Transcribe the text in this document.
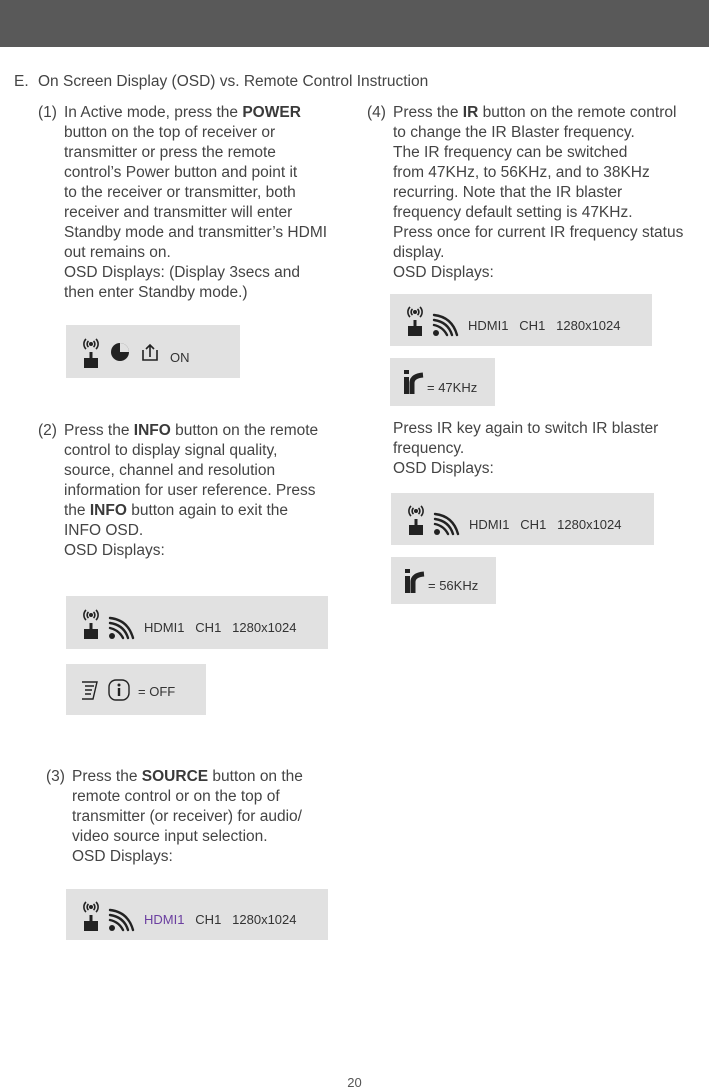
E. On Screen Display (OSD) vs. Remote Control Instruction
(1) In Active mode, press the POWER

button on the top of receiver or

transmitter or press the remote

control’s Power button and point it

to the receiver or transmitter, both

receiver and transmitter will enter

Standby mode and transmitter’s HDMI

out remains on.

OSD Displays: (Display 3secs and

then enter Standby mode.)

ON
(2) Press the INFO button on the remote

control to display signal quality,

source, channel and resolution

information for user reference. Press

the INFO button again to exit the

INFO OSD.

OSD Displays:

HDMI1 CH1 1280x1024
= OFF
(3) Press the SOURCE button on the

remote control or on the top of

transmitter (or receiver) for audio/

video source input selection.

OSD Displays:

HDMI1 CH1 1280x1024
(4) Press the IR button on the remote control

to change the IR Blaster frequency.

The IR frequency can be switched

from 47KHz, to 56KHz, and to 38KHz

recurring. Note that the IR blaster

frequency default setting is 47KHz.

Press once for current IR frequency status

display.

OSD Displays:

HDMI1 CH1 1280x1024
= 47KHz

Press IR key again to switch IR blaster

frequency.

OSD Displays:

HDMI1 CH1 1280x1024
= 56KHz
20
